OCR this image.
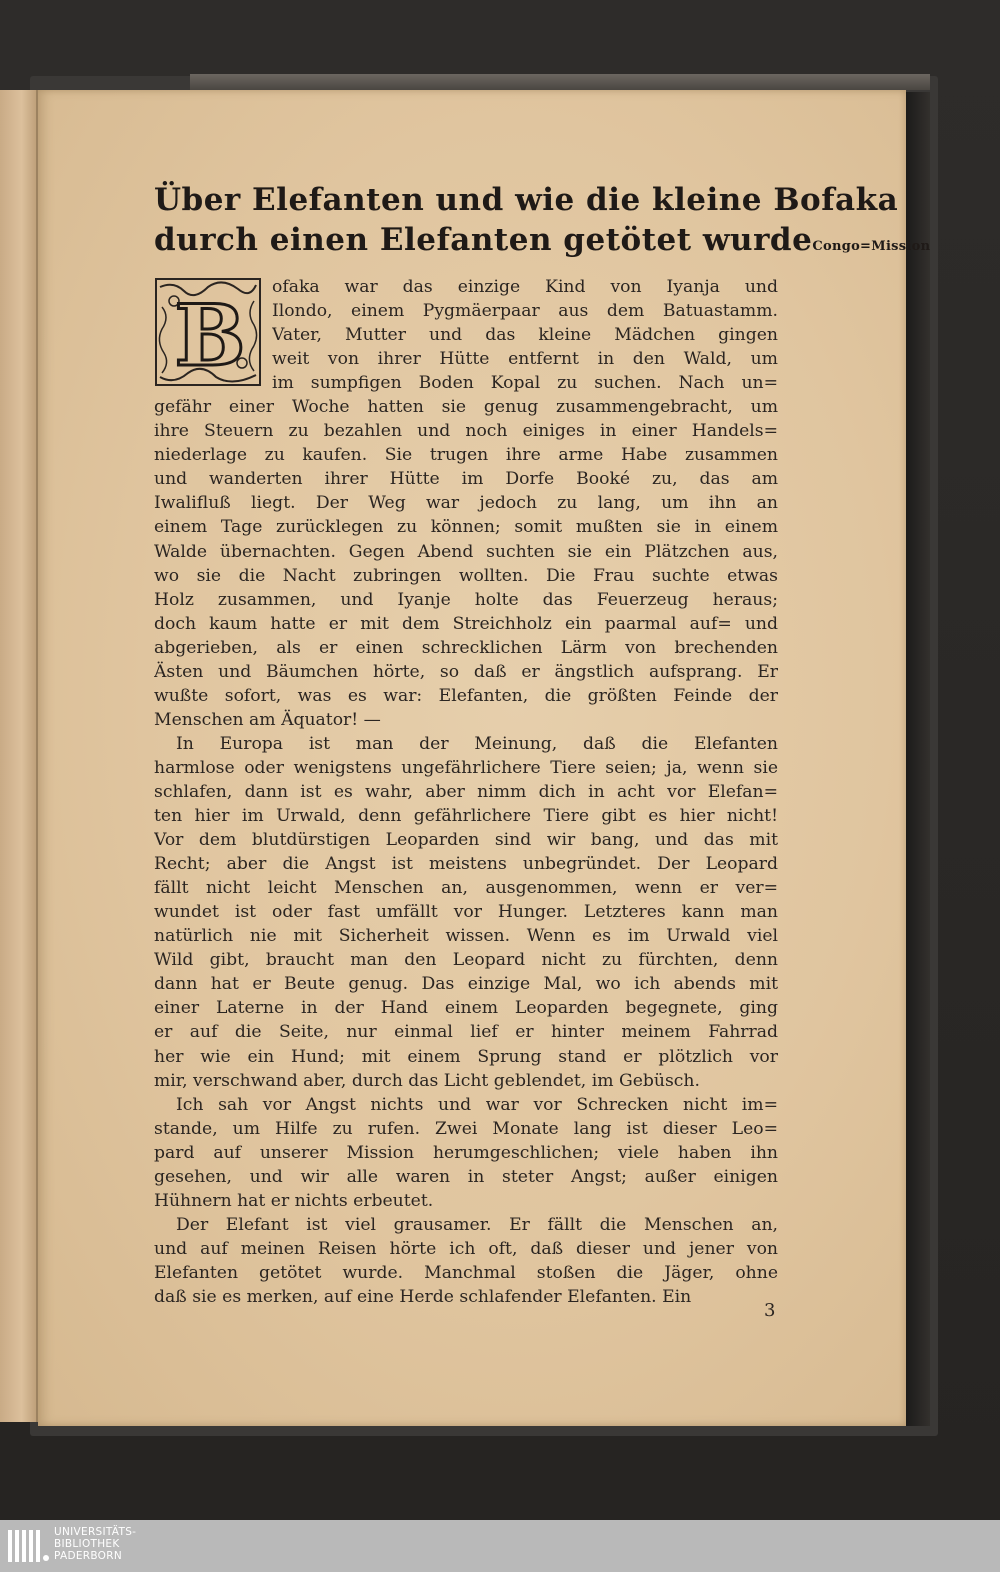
Über Elefanten und wie die kleine Bofaka
durch einen Elefanten getötet wurde Congo=Mission
B ofaka war das einzige Kind von Iyanja und
Ilondo, einem Pygmäerpaar aus dem Batuastamm.
Vater, Mutter und das kleine Mädchen gingen
weit von ihrer Hütte entfernt in den Wald, um
im sumpfigen Boden Kopal zu suchen. Nach un=
gefähr einer Woche hatten sie genug zusammengebracht, um
ihre Steuern zu bezahlen und noch einiges in einer Handels=
niederlage zu kaufen. Sie trugen ihre arme Habe zusammen
und wanderten ihrer Hütte im Dorfe Booké zu, das am
Iwalifluß liegt. Der Weg war jedoch zu lang, um ihn an
einem Tage zurücklegen zu können; somit mußten sie in einem
Walde übernachten. Gegen Abend suchten sie ein Plätzchen aus,
wo sie die Nacht zubringen wollten. Die Frau suchte etwas
Holz zusammen, und Iyanje holte das Feuerzeug heraus;
doch kaum hatte er mit dem Streichholz ein paarmal auf= und
abgerieben, als er einen schrecklichen Lärm von brechenden
Ästen und Bäumchen hörte, so daß er ängstlich aufsprang. Er
wußte sofort, was es war: Elefanten, die größten Feinde der
Menschen am Äquator! —
In Europa ist man der Meinung, daß die Elefanten
harmlose oder wenigstens ungefährlichere Tiere seien; ja, wenn sie
schlafen, dann ist es wahr, aber nimm dich in acht vor Elefan=
ten hier im Urwald, denn gefährlichere Tiere gibt es hier nicht!
Vor dem blutdürstigen Leoparden sind wir bang, und das mit
Recht; aber die Angst ist meistens unbegründet. Der Leopard
fällt nicht leicht Menschen an, ausgenommen, wenn er ver=
wundet ist oder fast umfällt vor Hunger. Letzteres kann man
natürlich nie mit Sicherheit wissen. Wenn es im Urwald viel
Wild gibt, braucht man den Leopard nicht zu fürchten, denn
dann hat er Beute genug. Das einzige Mal, wo ich abends mit
einer Laterne in der Hand einem Leoparden begegnete, ging
er auf die Seite, nur einmal lief er hinter meinem Fahrrad
her wie ein Hund; mit einem Sprung stand er plötzlich vor
mir, verschwand aber, durch das Licht geblendet, im Gebüsch.
Ich sah vor Angst nichts und war vor Schrecken nicht im=
stande, um Hilfe zu rufen. Zwei Monate lang ist dieser Leo=
pard auf unserer Mission herumgeschlichen; viele haben ihn
gesehen, und wir alle waren in steter Angst; außer einigen
Hühnern hat er nichts erbeutet.
Der Elefant ist viel grausamer. Er fällt die Menschen an,
und auf meinen Reisen hörte ich oft, daß dieser und jener von
Elefanten getötet wurde. Manchmal stoßen die Jäger, ohne
daß sie es merken, auf eine Herde schlafender Elefanten. Ein
3
UNIVERSITÄTS-
BIBLIOTHEK
PADERBORN
